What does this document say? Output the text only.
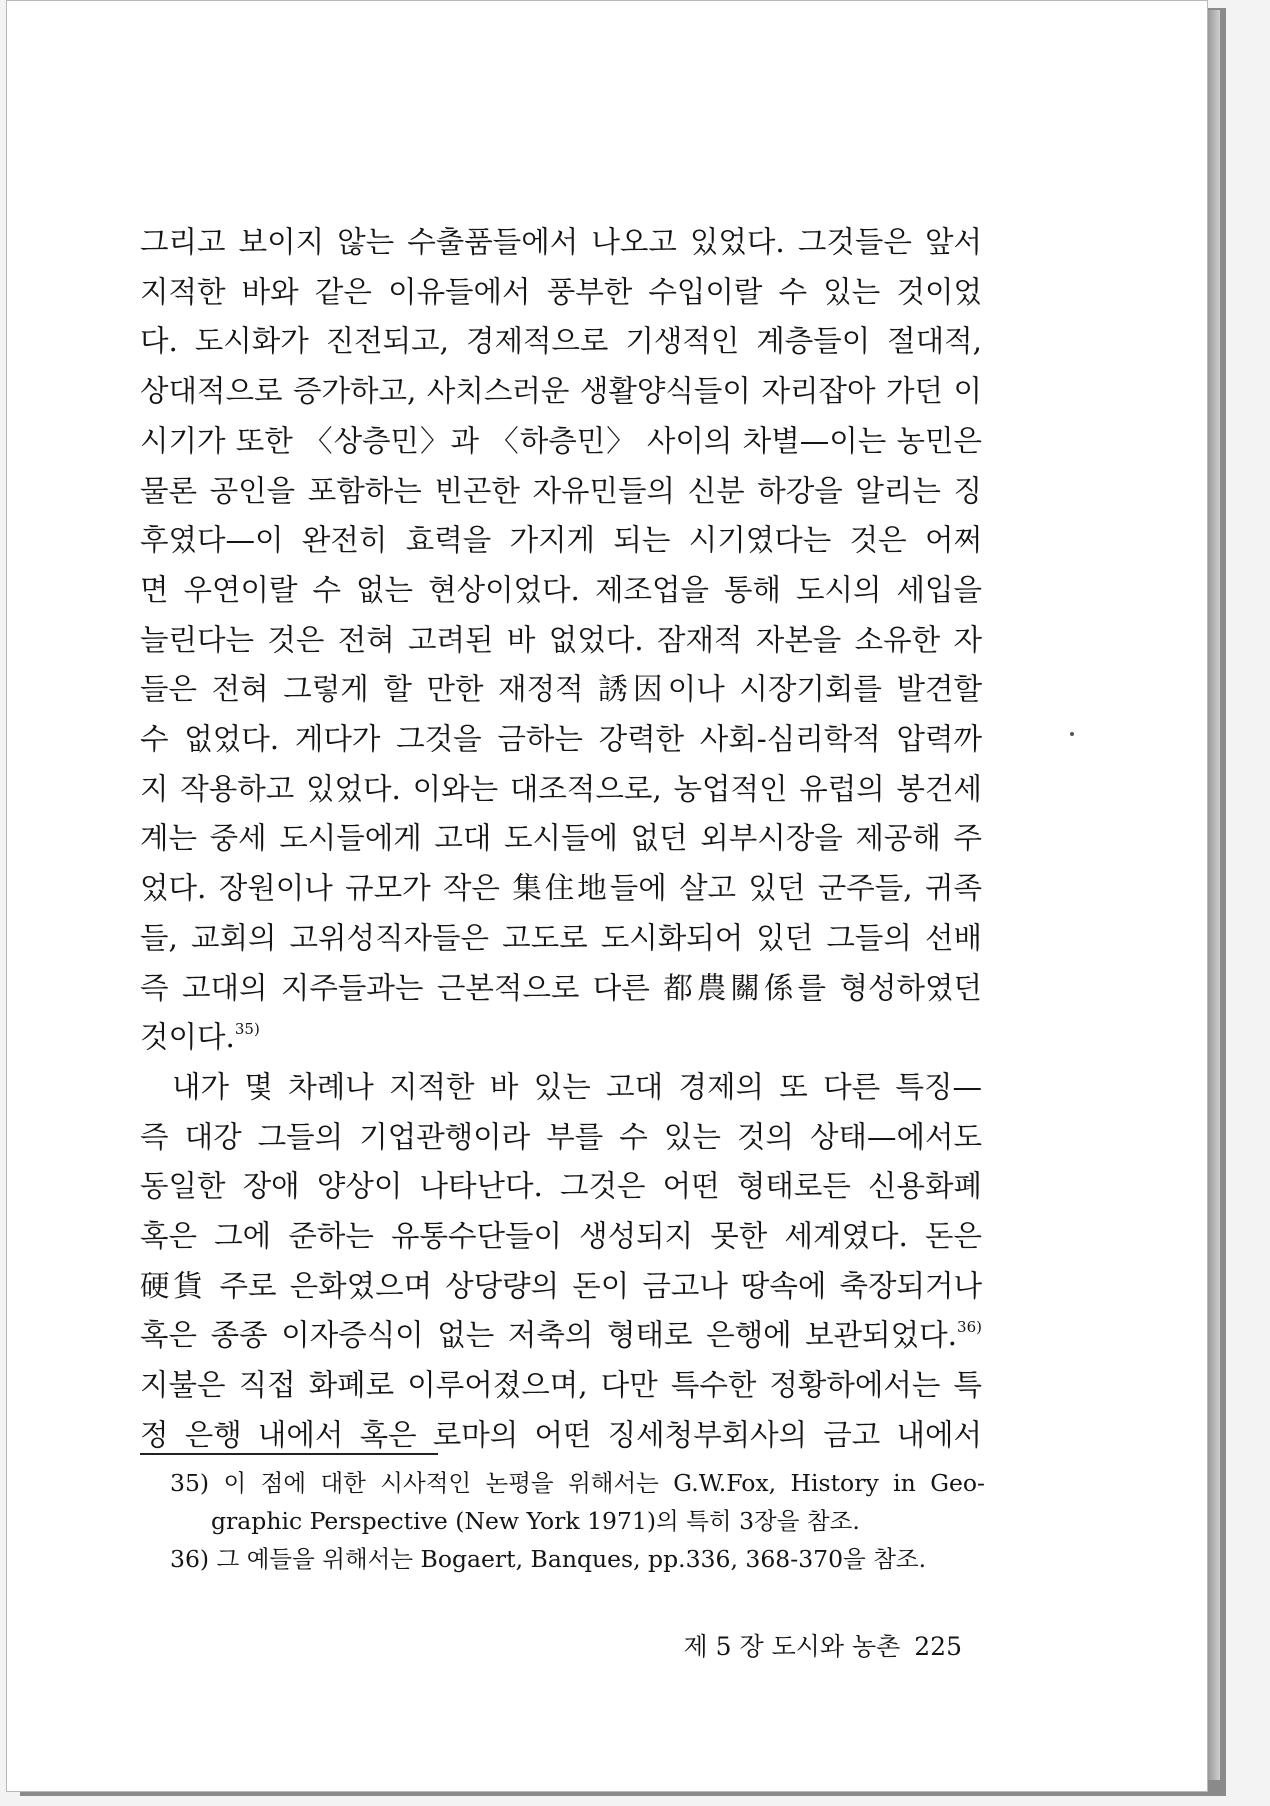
그리고 보이지 않는 수출품들에서 나오고 있었다. 그것들은 앞서
지적한 바와 같은 이유들에서 풍부한 수입이랄 수 있는 것이었
다. 도시화가 진전되고, 경제적으로 기생적인 계층들이 절대적,
상대적으로 증가하고, 사치스러운 생활양식들이 자리잡아 가던 이
시기가 또한 〈상층민〉과 〈하층민〉 사이의 차별—이는 농민은
물론 공인을 포함하는 빈곤한 자유민들의 신분 하강을 알리는 징
후였다—이 완전히 효력을 가지게 되는 시기였다는 것은 어쩌
면 우연이랄 수 없는 현상이었다. 제조업을 통해 도시의 세입을
늘린다는 것은 전혀 고려된 바 없었다. 잠재적 자본을 소유한 자
들은 전혀 그렇게 할 만한 재정적 誘因이나 시장기회를 발견할
수 없었다. 게다가 그것을 금하는 강력한 사회-심리학적 압력까
지 작용하고 있었다. 이와는 대조적으로, 농업적인 유럽의 봉건세
계는 중세 도시들에게 고대 도시들에 없던 외부시장을 제공해 주
었다. 장원이나 규모가 작은 集住地들에 살고 있던 군주들, 귀족
들, 교회의 고위성직자들은 고도로 도시화되어 있던 그들의 선배
즉 고대의 지주들과는 근본적으로 다른 都農關係를 형성하였던
것이다.$^{35)}$
내가 몇 차례나 지적한 바 있는 고대 경제의 또 다른 특징—
즉 대강 그들의 기업관행이라 부를 수 있는 것의 상태—에서도
동일한 장애 양상이 나타난다. 그것은 어떤 형태로든 신용화폐
혹은 그에 준하는 유통수단들이 생성되지 못한 세계였다. 돈은
硬貨 주로 은화였으며 상당량의 돈이 금고나 땅속에 축장되거나
혹은 종종 이자증식이 없는 저축의 형태로 은행에 보관되었다.$^{36)}$
지불은 직접 화폐로 이루어졌으며, 다만 특수한 정황하에서는 특
정 은행 내에서 혹은 로마의 어떤 징세청부회사의 금고 내에서
35) 이 점에 대한 시사적인 논평을 위해서는 G.W.Fox, History in Geo-
graphic Perspective (New York 1971)의 특히 3장을 참조.
36) 그 예들을 위해서는 Bogaert, Banques, pp.336, 368-370을 참조.
제 5 장 도시와 농촌 225
